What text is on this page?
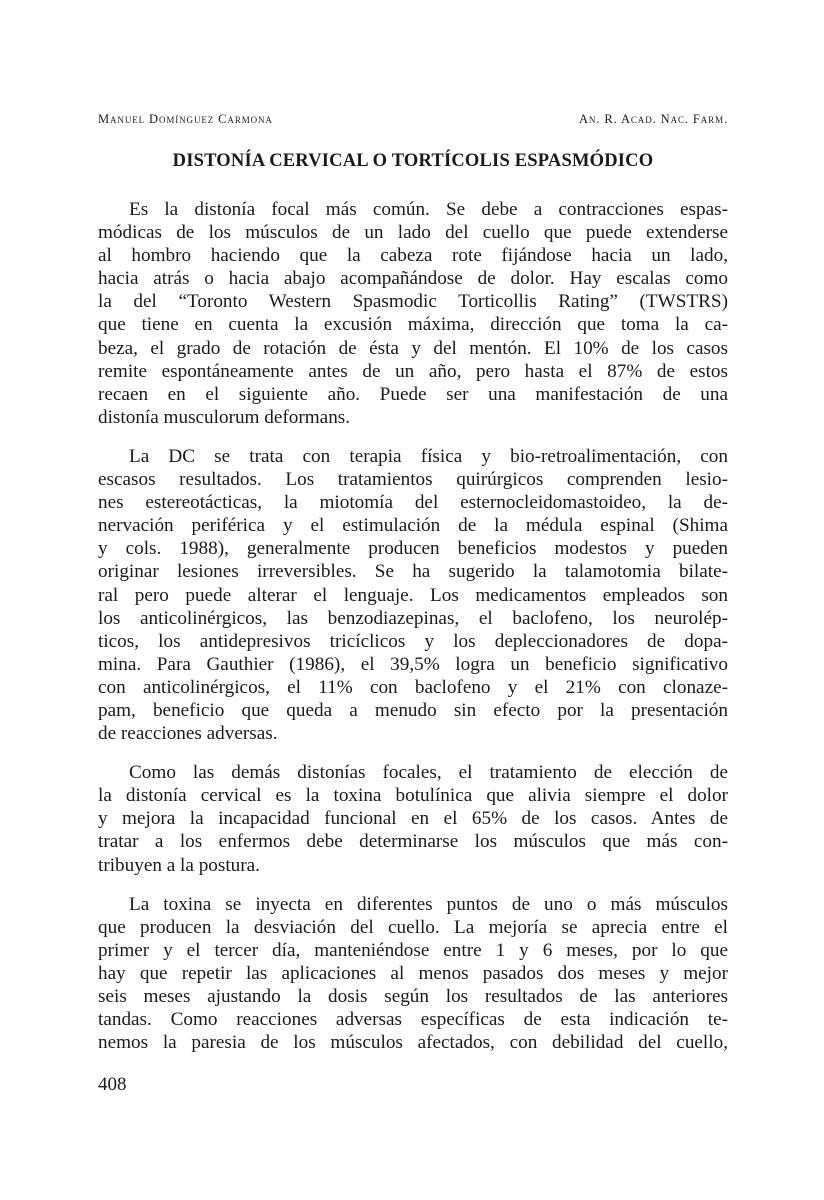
Manuel Domínguez Carmona	An. R. Acad. Nac. Farm.
DISTONÍA CERVICAL O TORTÍCOLIS ESPASMÓDICO
Es la distonía focal más común. Se debe a contracciones espas-
módicas de los músculos de un lado del cuello que puede extenderse
al hombro haciendo que la cabeza rote fijándose hacia un lado,
hacia atrás o hacia abajo acompañándose de dolor. Hay escalas como
la del “Toronto Western Spasmodic Torticollis Rating” (TWSTRS)
que tiene en cuenta la excusión máxima, dirección que toma la ca-
beza, el grado de rotación de ésta y del mentón. El 10% de los casos
remite espontáneamente antes de un año, pero hasta el 87% de estos
recaen en el siguiente año. Puede ser una manifestación de una
distonía musculorum deformans.
La DC se trata con terapia física y bio-retroalimentación, con
escasos resultados. Los tratamientos quirúrgicos comprenden lesio-
nes estereotácticas, la miotomía del esternocleidomastoideo, la de-
nervación periférica y el estimulación de la médula espinal (Shima
y cols. 1988), generalmente producen beneficios modestos y pueden
originar lesiones irreversibles. Se ha sugerido la talamotomia bilate-
ral pero puede alterar el lenguaje. Los medicamentos empleados son
los anticolinérgicos, las benzodiazepinas, el baclofeno, los neurolép-
ticos, los antidepresivos tricíclicos y los depleccionadores de dopa-
mina. Para Gauthier (1986), el 39,5% logra un beneficio significativo
con anticolinérgicos, el 11% con baclofeno y el 21% con clonaze-
pam, beneficio que queda a menudo sin efecto por la presentación
de reacciones adversas.
Como las demás distonías focales, el tratamiento de elección de
la distonía cervical es la toxina botulínica que alivia siempre el dolor
y mejora la incapacidad funcional en el 65% de los casos. Antes de
tratar a los enfermos debe determinarse los músculos que más con-
tribuyen a la postura.
La toxina se inyecta en diferentes puntos de uno o más músculos
que producen la desviación del cuello. La mejoría se aprecia entre el
primer y el tercer día, manteniéndose entre 1 y 6 meses, por lo que
hay que repetir las aplicaciones al menos pasados dos meses y mejor
seis meses ajustando la dosis según los resultados de las anteriores
tandas. Como reacciones adversas específicas de esta indicación te-
nemos la paresia de los músculos afectados, con debilidad del cuello,
408
